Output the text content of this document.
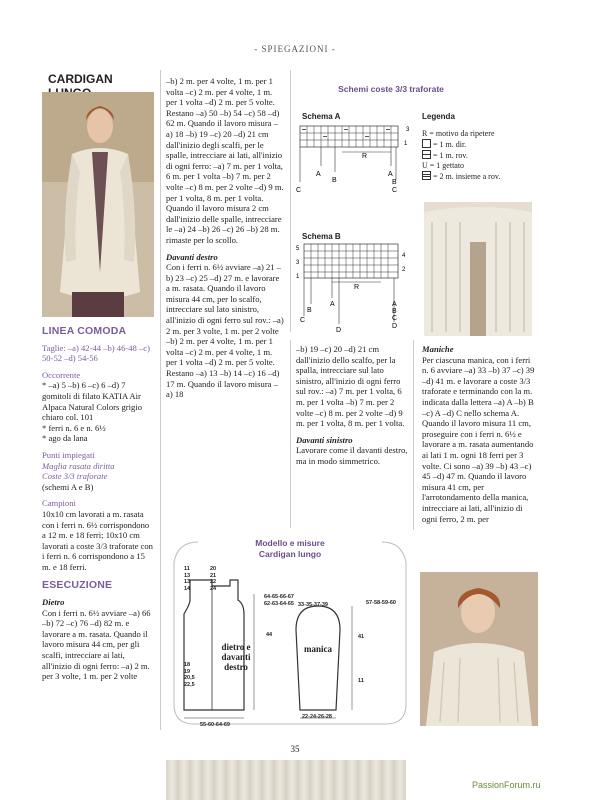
- SPIEGAZIONI -
CARDIGAN
LINEA COMODA

Taglie: –a) 42-44 –b) 46-48 –c) 50-52 –d) 54-56

Occorrente

* –a) 5 –b) 6 –c) 6 –d) 7 gomitoli di filato KATIA Air Alpaca Natural Colors grigio chiaro col. 101

* ferri n. 6 e n. 6½

* ago da lana

Punti impiegati

Maglia rasata diritta

Coste 3/3 traforate

(schemi A e B)

Campioni

10x10 cm lavorati a m. rasata con i ferri n. 6½ corrispondono a 12 m. e 18 ferri; 10x10 cm lavorati a coste 3/3 traforate con i ferri n. 6 corrispondono a 15 m. e 18 ferri.

ESECUZIONE

Dietro

Con i ferri n. 6½ avviare –a) 66 –b) 72 –c) 76 –d) 82 m. e lavorare a m. rasata. Quando il lavoro misura 44 cm, per gli scalfi, intrecciare ai lati, all'inizio di ogni ferro: –a) 2 m. per 3 volte, 1 m. per 2 volte

–b) 2 m. per 4 volte, 1 m. per 1 volta –c) 2 m. per 4 volte, 1 m. per 1 volta –d) 2 m. per 5 volte. Restano –a) 50 –b) 54 –c) 58 –d) 62 m. Quando il lavoro misura –a) 18 –b) 19 –c) 20 –d) 21 cm dall'inizio degli scalfi, per le spalle, intrecciare ai lati, all'inizio di ogni ferro: –a) 7 m. per 1 volta, 6 m. per 1 volta –b) 7 m. per 2 volte –c) 8 m. per 2 volte –d) 9 m. per 1 volta, 8 m. per 1 volta. Quando il lavoro misura 2 cm dall'inizio delle spalle, intrecciare le –a) 24 –b) 26 –c) 26 –b) 28 m. rimaste per lo scollo.

Davanti destro

Con i ferri n. 6½ avviare –a) 21 –b) 23 –c) 25 –d) 27 m. e lavorare a m. rasata. Quando il lavoro misura 44 cm, per lo scalfo, intrecciare sul lato sinistro, all'inizio di ogni ferro sul rov.: –a) 2 m. per 3 volte, 1 m. per 2 volte –b) 2 m. per 4 volte, 1 m. per 1 volta –c) 2 m. per 4 volte, 1 m. per 1 volta –d) 2 m. per 5 volte. Restano –a) 13 –b) 14 –c) 16 –d) 17 m. Quando il lavoro misura –a) 18

Schemi coste 3/3 traforate
Schema A
3
1
R
A
B
C
A
B
C
Schema B
5
3
1
4
2
R
A
B
C
D
A
B
C
D
Legenda
R = motivo da ripetere
= 1 m. dir.
= 1 m. rov.
U = 1 gettato
= 2 m. insieme a rov.

–b) 19 –c) 20 –d) 21 cm dall'inizio dello scalfo, per la spalla, intrecciare sul lato sinistro, all'inizio di ogni ferro sul rov.: –a) 7 m. per 1 volta, 6 m. per 1 volta –b) 7 m. per 2 volte –c) 8 m. per 2 volte –d) 9 m. per 1 volta, 8 m. per 1 volta.

Davanti sinistro

Lavorare come il davanti destro, ma in modo simmetrico.

Maniche

Per ciascuna manica, con i ferri n. 6 avviare –a) 33 –b) 37 –c) 39 –d) 41 m. e lavorare a coste 3/3 traforate e terminando con la m. indicata dalla lettera –a) A –b) B –c) A –d) C nello schema A. Quando il lavoro misura 11 cm, proseguire con i ferri n. 6½ e lavorare a m. rasata aumentando ai lati 1 m. ogni 18 ferri per 3 volte. Ci sono –a) 39 –b) 43 –c) 45 –d) 47 m. Quando il lavoro misura 41 cm, per l'arrotondamento della manica, intrecciare ai lati, all'inizio di ogni ferro, 2 m. per

Modello e misure
Cardigan lungo
11
13
13
14
20
21
22
24
64-65-66-67
62-63-64-65
44
18
19
20,5
22,5
dietro e davanti destro
55-60-64-69
33-35-37-39	57-58-59-60
41
11
manica
22-24-26-28
35
PassionForum.ru
